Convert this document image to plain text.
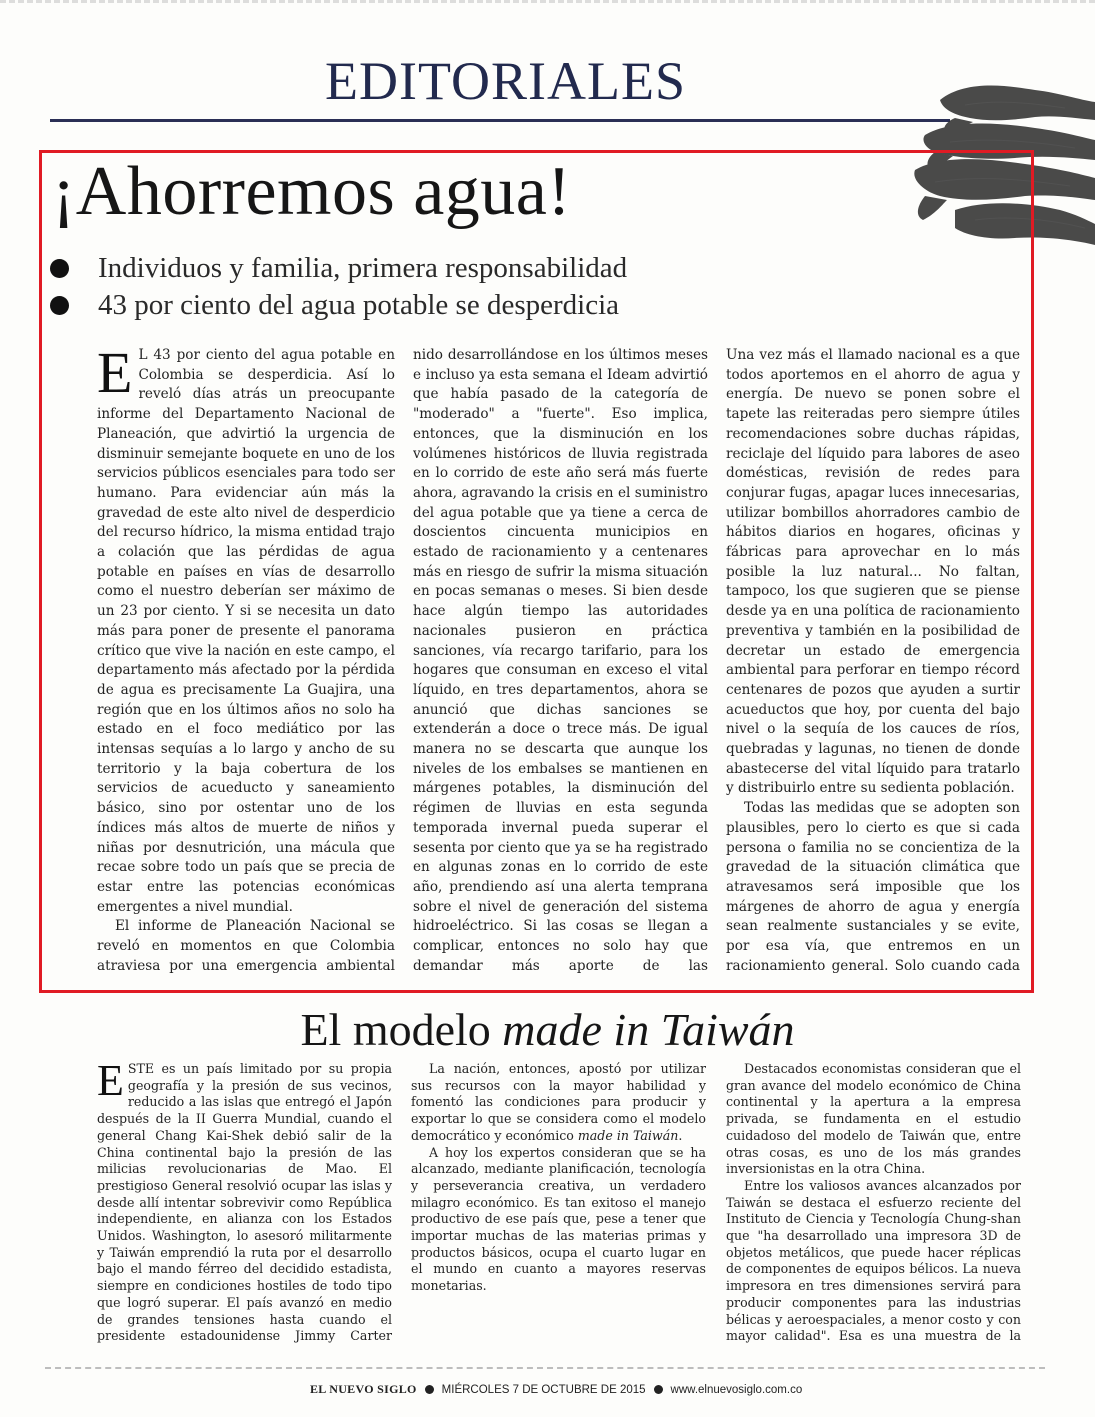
EDITORIALES
¡Ahorremos agua!
Individuos y familia, primera responsabilidad
43 por ciento del agua potable se desperdicia

E L 43 por ciento del agua potable en Colombia se desperdicia. Así lo reveló días atrás un preocupante informe del Departamento Nacional de Planeación, que advirtió la urgencia de disminuir semejante boquete en uno de los servicios públicos esenciales para todo ser humano. Para evidenciar aún más la gravedad de este alto nivel de desperdicio del recurso hídrico, la misma entidad trajo a colación que las pérdidas de agua potable en países en vías de desarrollo como el nuestro deberían ser máximo de un 23 por ciento. Y si se necesita un dato más para poner de presente el panorama crítico que vive la nación en este campo, el departamento más afectado por la pérdida de agua es precisamente La Guajira, una región que en los últimos años no solo ha estado en el foco mediático por las intensas sequías a lo largo y ancho de su territorio y la baja cobertura de los servicios de acueducto y saneamiento básico, sino por ostentar uno de los índices más altos de muerte de niños y niñas por desnutrición, una mácula que recae sobre todo un país que se precia de estar entre las potencias económicas emergentes a nivel mundial.

El informe de Planeación Nacional se reveló en momentos en que Colombia atraviesa por una emergencia ambiental

nido desarrollándose en los últimos meses e incluso ya esta semana el Ideam advirtió que había pasado de la categoría de "moderado" a "fuerte". Eso implica, entonces, que la disminución en los volúmenes históricos de lluvia registrada en lo corrido de este año será más fuerte ahora, agravando la crisis en el suministro del agua potable que ya tiene a cerca de doscientos cincuenta municipios en estado de racionamiento y a centenares más en riesgo de sufrir la misma situación en pocas semanas o meses. Si bien desde hace algún tiempo las autoridades nacionales pusieron en práctica sanciones, vía recargo tarifario, para los hogares que consuman en exceso el vital líquido, en tres departamentos, ahora se anunció que dichas sanciones se extenderán a doce o trece más. De igual manera no se descarta que aunque los niveles de los embalses se mantienen en márgenes potables, la disminución del régimen de lluvias en esta segunda temporada invernal pueda superar el sesenta por ciento que ya se ha registrado en algunas zonas en lo corrido de este año, prendiendo así una alerta temprana sobre el nivel de generación del sistema hidroeléctrico. Si las cosas se llegan a complicar, entonces no solo hay que demandar más aporte de las

Una vez más el llamado nacional es a que todos aportemos en el ahorro de agua y energía. De nuevo se ponen sobre el tapete las reiteradas pero siempre útiles recomendaciones sobre duchas rápidas, reciclaje del líquido para labores de aseo domésticas, revisión de redes para conjurar fugas, apagar luces innecesarias, utilizar bombillos ahorradores cambio de hábitos diarios en hogares, oficinas y fábricas para aprovechar en lo más posible la luz natural... No faltan, tampoco, los que sugieren que se piense desde ya en una política de racionamiento preventiva y también en la posibilidad de decretar un estado de emergencia ambiental para perforar en tiempo récord centenares de pozos que ayuden a surtir acueductos que hoy, por cuenta del bajo nivel o la sequía de los cauces de ríos, quebradas y lagunas, no tienen de donde abastecerse del vital líquido para tratarlo y distribuirlo entre su sedienta población.

Todas las medidas que se adopten son plausibles, pero lo cierto es que si cada persona o familia no se concientiza de la gravedad de la situación climática que atravesamos será imposible que los márgenes de ahorro de agua y energía sean realmente sustanciales y se evite, por esa vía, que entremos en un racionamiento general. Solo cuando cada

El modelo made in Taiwán

ESTE es un país limitado por su propia geografía y la presión de sus vecinos, reducido a las islas que entregó el Japón después de la II Guerra Mundial, cuando el general Chang Kai-Shek debió salir de la China continental bajo la presión de las milicias revolucionarias de Mao. El prestigioso General resolvió ocupar las islas y desde allí intentar sobrevivir como República independiente, en alianza con los Estados Unidos. Washington, lo asesoró militarmente y Taiwán emprendió la ruta por el desarrollo bajo el mando férreo del decidido estadista, siempre en condiciones hostiles de todo tipo que logró superar. El país avanzó en medio de grandes tensiones hasta cuando el presidente estadounidense Jimmy Carter

La nación, entonces, apostó por utilizar sus recursos con la mayor habilidad y fomentó las condiciones para producir y exportar lo que se considera como el modelo democrático y económico made in Taiwán.

A hoy los expertos consideran que se ha alcanzado, mediante planificación, tecnología y perseverancia creativa, un verdadero milagro económico. Es tan exitoso el manejo productivo de ese país que, pese a tener que importar muchas de las materias primas y productos básicos, ocupa el cuarto lugar en el mundo en cuanto a mayores reservas monetarias.

Destacados economistas consideran que el gran avance del modelo económico de China continental y la apertura a la empresa privada, se fundamenta en el estudio cuidadoso del modelo de Taiwán que, entre otras cosas, es uno de los más grandes inversionistas en la otra China.

Entre los valiosos avances alcanzados por Taiwán se destaca el esfuerzo reciente del Instituto de Ciencia y Tecnología Chung-shan que "ha desarrollado una impresora 3D de objetos metálicos, que puede hacer réplicas de componentes de equipos bélicos. La nueva impresora en tres dimensiones servirá para producir componentes para las industrias bélicas y aeroespaciales, a menor costo y con mayor calidad". Esa es una muestra de la

EL NUEVO SIGLO MIÉRCOLES 7 DE OCTUBRE DE 2015 www.elnuevosiglo.com.co
